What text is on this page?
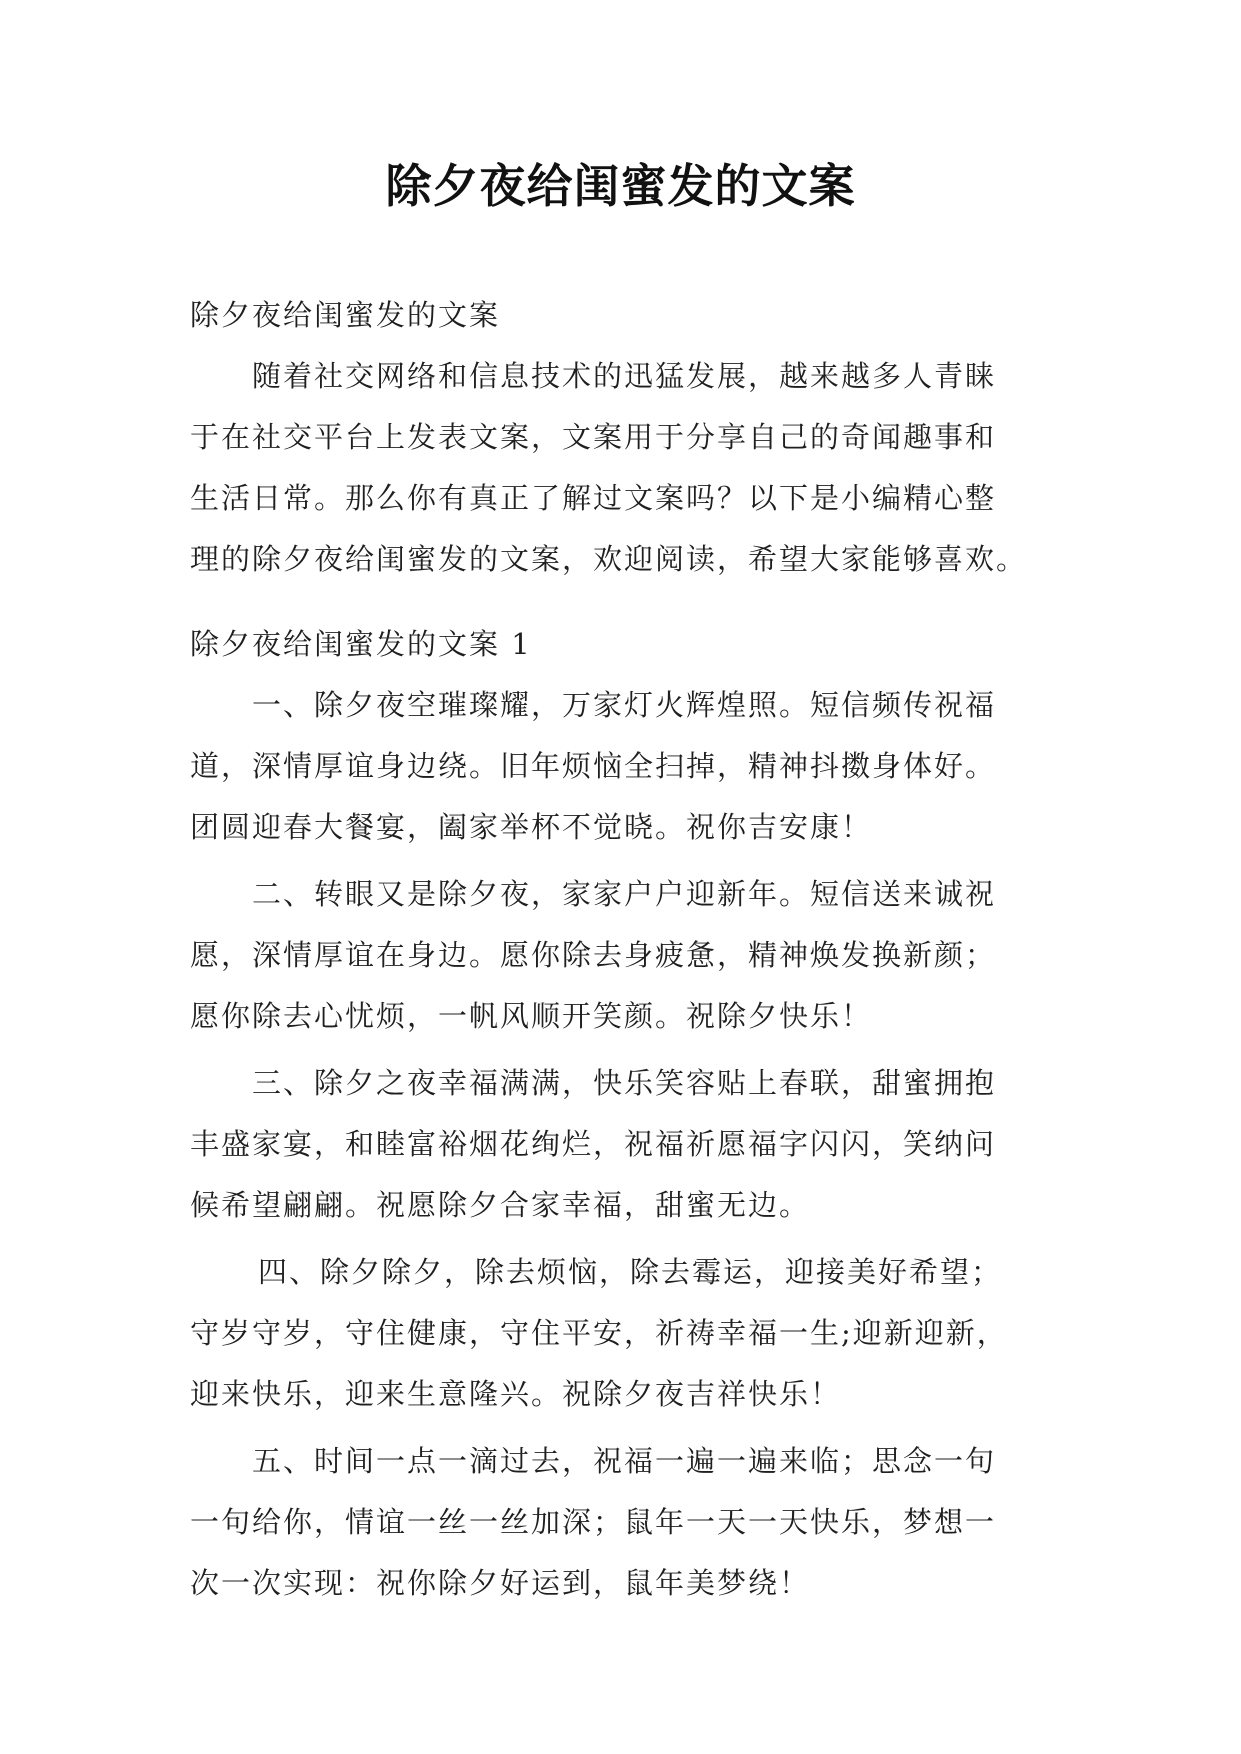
除夕夜给闺蜜发的文案
除夕夜给闺蜜发的文案
随着社交网络和信息技术的迅猛发展，越来越多人青睐
于在社交平台上发表文案，文案用于分享自己的奇闻趣事和
生活日常。那么你有真正了解过文案吗？以下是小编精心整
理的除夕夜给闺蜜发的文案，欢迎阅读，希望大家能够喜欢。
除夕夜给闺蜜发的文案 1
一、除夕夜空璀璨耀，万家灯火辉煌照。短信频传祝福
道，深情厚谊身边绕。旧年烦恼全扫掉，精神抖擞身体好。
团圆迎春大餐宴，阖家举杯不觉晓。祝你吉安康！
二、转眼又是除夕夜，家家户户迎新年。短信送来诚祝
愿，深情厚谊在身边。愿你除去身疲惫，精神焕发换新颜；
愿你除去心忧烦，一帆风顺开笑颜。祝除夕快乐！
三、除夕之夜幸福满满，快乐笑容贴上春联，甜蜜拥抱
丰盛家宴，和睦富裕烟花绚烂，祝福祈愿福字闪闪，笑纳问
候希望翩翩。祝愿除夕合家幸福，甜蜜无边。
四、除夕除夕，除去烦恼，除去霉运，迎接美好希望；
守岁守岁，守住健康，守住平安，祈祷幸福一生;迎新迎新，
迎来快乐，迎来生意隆兴。祝除夕夜吉祥快乐！
五、时间一点一滴过去，祝福一遍一遍来临；思念一句
一句给你，情谊一丝一丝加深；鼠年一天一天快乐，梦想一
次一次实现：祝你除夕好运到，鼠年美梦绕！
